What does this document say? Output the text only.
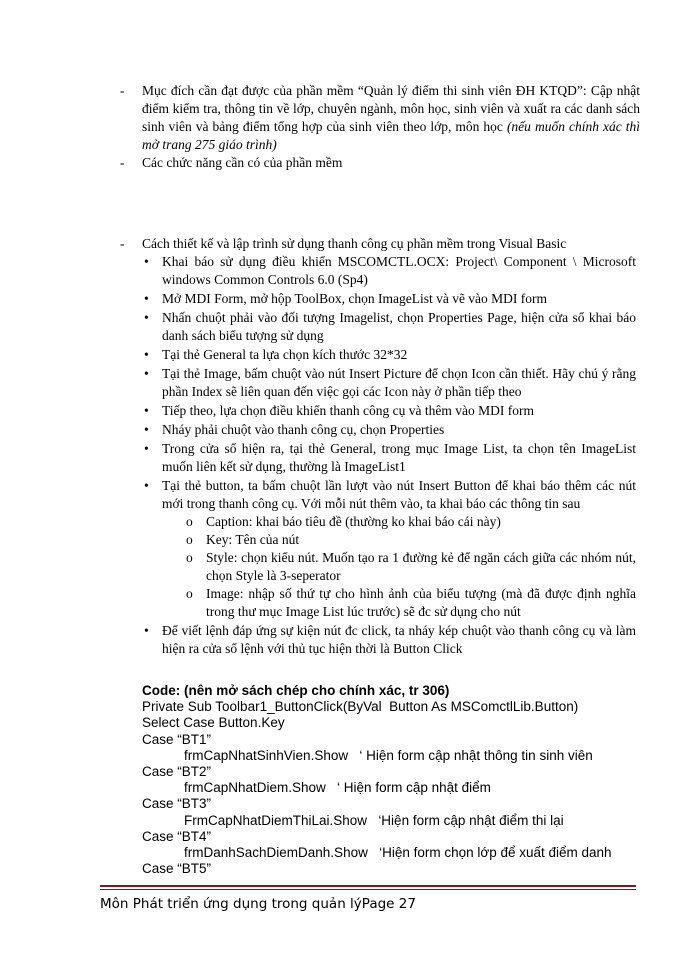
- Mục đích cần đạt được của phần mềm “Quản lý điểm thi sinh viên ĐH KTQD”: Cập nhật điểm kiểm tra, thông tin về lớp, chuyên ngành, môn học, sinh viên và xuất ra các danh sách sinh viên và bảng điểm tổng hợp của sinh viên theo lớp, môn học (nếu muốn chính xác thì mở trang 275 giáo trình)
- Các chức năng cần có của phần mềm
- Cách thiết kế và lập trình sử dụng thanh công cụ phần mềm trong Visual Basic
• Khai báo sử dụng điều khiển MSCOMCTL.OCX: Project\ Component \ Microsoft windows Common Controls 6.0 (Sp4)
• Mở MDI Form, mở hộp ToolBox, chọn ImageList và vẽ vào MDI form
• Nhấn chuột phải vào đối tượng Imagelist, chọn Properties Page, hiện cửa sổ khai báo danh sách biểu tượng sử dụng
• Tại thẻ General ta lựa chọn kích thước 32*32
• Tại thẻ Image, bấm chuột vào nút Insert Picture để chọn Icon cần thiết. Hãy chú ý rằng phần Index sẽ liên quan đến việc gọi các Icon này ở phần tiếp theo
• Tiếp theo, lựa chọn điều khiển thanh công cụ và thêm vào MDI form
• Nháy phải chuột vào thanh công cụ, chọn Properties
• Trong cửa sổ hiện ra, tại thẻ General, trong mục Image List, ta chọn tên ImageList muốn liên kết sử dụng, thường là ImageList1
• Tại thẻ button, ta bấm chuột lần lượt vào nút Insert Button để khai báo thêm các nút mới trong thanh công cụ. Với mỗi nút thêm vào, ta khai báo các thông tin sau
o Caption: khai báo tiêu đề (thường ko khai báo cái này)
o Key: Tên của nút
o Style: chọn kiểu nút. Muốn tạo ra 1 đường kẻ để ngăn cách giữa các nhóm nút, chọn Style là 3-seperator
o Image: nhập số thứ tự cho hình ảnh của biểu tượng (mà đã được định nghĩa trong thư mục Image List lúc trước) sẽ đc sử dụng cho nút
• Để viết lệnh đáp ứng sự kiện nút đc click, ta nháy kép chuột vào thanh công cụ và làm hiện ra cửa sổ lệnh với thủ tục hiện thời là Button Click
Code: (nên mở sách chép cho chính xác, tr 306)
Private Sub Toolbar1_ButtonClick(ByVal  Button As MSComctlLib.Button)
Select Case Button.Key
Case “BT1”
frmCapNhatSinhVien.Show   ‘ Hiện form cập nhật thông tin sinh viên
Case “BT2”
frmCapNhatDiem.Show   ‘ Hiện form cập nhật điểm
Case “BT3”
FrmCapNhatDiemThiLai.Show   ‘Hiện form cập nhật điểm thi lại
Case “BT4”
frmDanhSachDiemDanh.Show   ‘Hiện form chọn lớp để xuất điểm danh
Case “BT5”
Môn Phát triển ứng dụng trong quản lýPage 27
